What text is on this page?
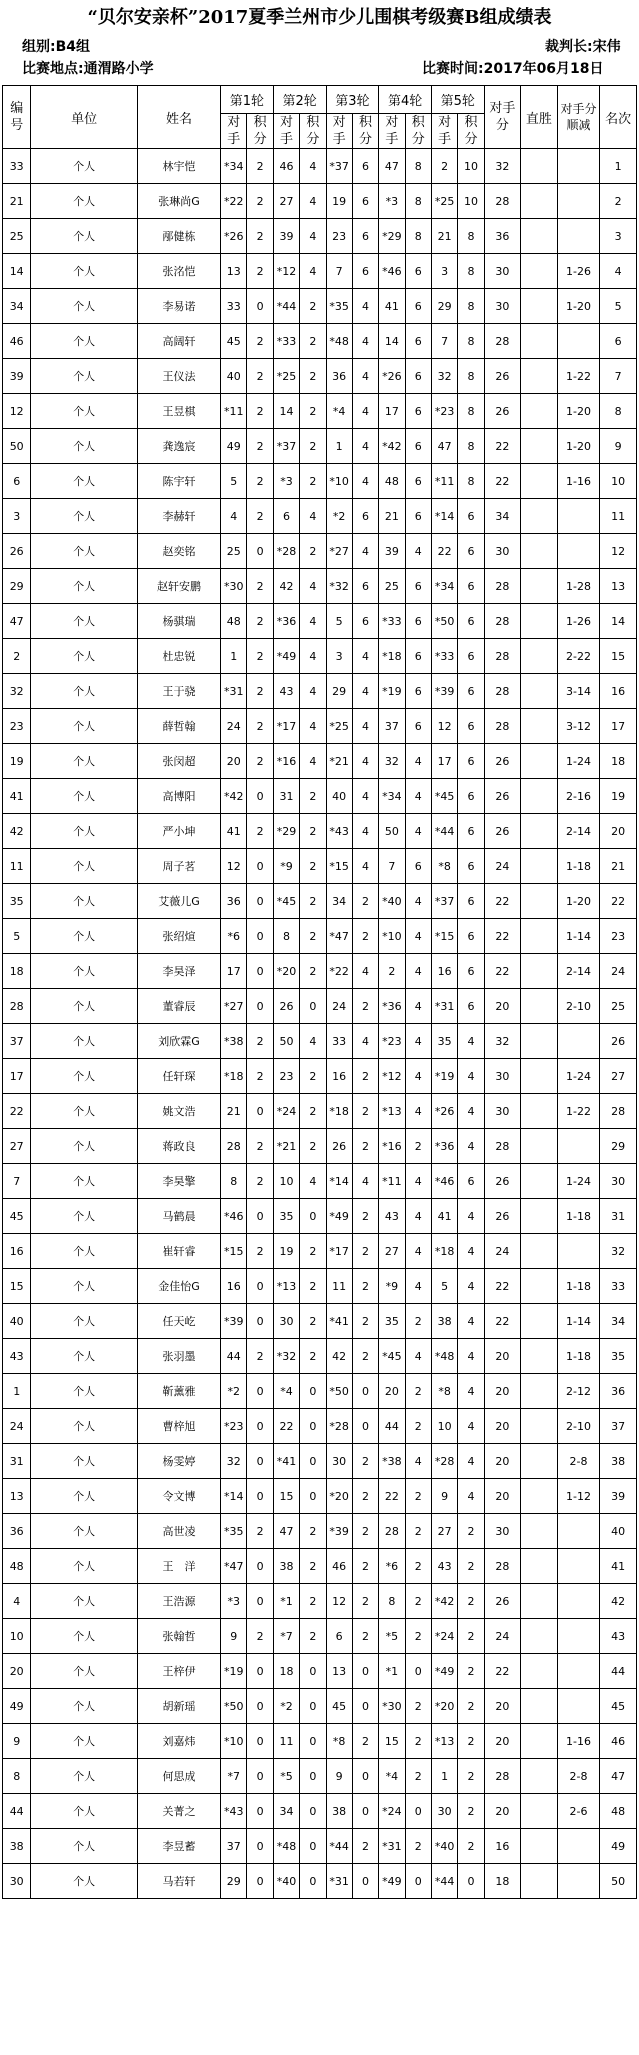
“贝尔安亲杯”2017夏季兰州市少儿围棋考级赛B组成绩表
组别:B4组	裁判长:宋伟
比赛地点:通渭路小学	比赛时间:2017年06月18日
编号	单位	姓名	第1轮		第2轮		第3轮		第4轮		第5轮		对手分	直胜	对手分顺减	名次
			对手	积分	对手	积分	对手	积分	对手	积分	对手	积分				
33	个人	林宇恺	*34	2	46	4	*37	6	47	8	2	10	32			1
21	个人	张琳尚G	*22	2	27	4	19	6	*3	8	*25	10	28			2
25	个人	邴健栋	*26	2	39	4	23	6	*29	8	21	8	36			3
14	个人	张洺恺	13	2	*12	4	7	6	*46	6	3	8	30		1-26	4
34	个人	李易诺	33	0	*44	2	*35	4	41	6	29	8	30		1-20	5
46	个人	高阔轩	45	2	*33	2	*48	4	14	6	7	8	28			6
39	个人	王仪法	40	2	*25	2	36	4	*26	6	32	8	26		1-22	7
12	个人	王昱棋	*11	2	14	2	*4	4	17	6	*23	8	26		1-20	8
50	个人	龚逸宸	49	2	*37	2	1	4	*42	6	47	8	22		1-20	9
6	个人	陈宇轩	5	2	*3	2	*10	4	48	6	*11	8	22		1-16	10
3	个人	李赫轩	4	2	6	4	*2	6	21	6	*14	6	34			11
26	个人	赵奕铭	25	0	*28	2	*27	4	39	4	22	6	30			12
29	个人	赵轩安鹏	*30	2	42	4	*32	6	25	6	*34	6	28		1-28	13
47	个人	杨骐瑞	48	2	*36	4	5	6	*33	6	*50	6	28		1-26	14
2	个人	杜忠锐	1	2	*49	4	3	4	*18	6	*33	6	28		2-22	15
32	个人	王于骁	*31	2	43	4	29	4	*19	6	*39	6	28		3-14	16
23	个人	薛哲翰	24	2	*17	4	*25	4	37	6	12	6	28		3-12	17
19	个人	张闵超	20	2	*16	4	*21	4	32	4	17	6	26		1-24	18
41	个人	高博阳	*42	0	31	2	40	4	*34	4	*45	6	26		2-16	19
42	个人	严小坤	41	2	*29	2	*43	4	50	4	*44	6	26		2-14	20
11	个人	周子茗	12	0	*9	2	*15	4	7	6	*8	6	24		1-18	21
35	个人	艾薇儿G	36	0	*45	2	34	2	*40	4	*37	6	22		1-20	22
5	个人	张绍煊	*6	0	8	2	*47	2	*10	4	*15	6	22		1-14	23
18	个人	李昊泽	17	0	*20	2	*22	4	2	4	16	6	22		2-14	24
28	个人	董睿辰	*27	0	26	0	24	2	*36	4	*31	6	20		2-10	25
37	个人	刘欣霖G	*38	2	50	4	33	4	*23	4	35	4	32			26
17	个人	任轩琛	*18	2	23	2	16	2	*12	4	*19	4	30		1-24	27
22	个人	姚文浩	21	0	*24	2	*18	2	*13	4	*26	4	30		1-22	28
27	个人	蒋政良	28	2	*21	2	26	2	*16	2	*36	4	28			29
7	个人	李昊擎	8	2	10	4	*14	4	*11	4	*46	6	26		1-24	30
45	个人	马鹤晨	*46	0	35	0	*49	2	43	4	41	4	26		1-18	31
16	个人	崔轩睿	*15	2	19	2	*17	2	27	4	*18	4	24			32
15	个人	金佳怡G	16	0	*13	2	11	2	*9	4	5	4	22		1-18	33
40	个人	任天屹	*39	0	30	2	*41	2	35	2	38	4	22		1-14	34
43	个人	张羽墨	44	2	*32	2	42	2	*45	4	*48	4	20		1-18	35
1	个人	靳薰雅	*2	0	*4	0	*50	0	20	2	*8	4	20		2-12	36
24	个人	曹梓旭	*23	0	22	0	*28	0	44	2	10	4	20		2-10	37
31	个人	杨雯婷	32	0	*41	0	30	2	*38	4	*28	4	20		2-8	38
13	个人	令文博	*14	0	15	0	*20	2	22	2	9	4	20		1-12	39
36	个人	高世凌	*35	2	47	2	*39	2	28	2	27	2	30			40
48	个人	王　洋	*47	0	38	2	46	2	*6	2	43	2	28			41
4	个人	王浩源	*3	0	*1	2	12	2	8	2	*42	2	26			42
10	个人	张翰哲	9	2	*7	2	6	2	*5	2	*24	2	24			43
20	个人	王梓伊	*19	0	18	0	13	0	*1	0	*49	2	22			44
49	个人	胡新瑶	*50	0	*2	0	45	0	*30	2	*20	2	20			45
9	个人	刘嘉炜	*10	0	11	0	*8	2	15	2	*13	2	20		1-16	46
8	个人	何思成	*7	0	*5	0	9	0	*4	2	1	2	28		2-8	47
44	个人	关菁之	*43	0	34	0	38	0	*24	0	30	2	20		2-6	48
38	个人	李昱蓄	37	0	*48	0	*44	2	*31	2	*40	2	16			49
30	个人	马若轩	29	0	*40	0	*31	0	*49	0	*44	0	18			50
